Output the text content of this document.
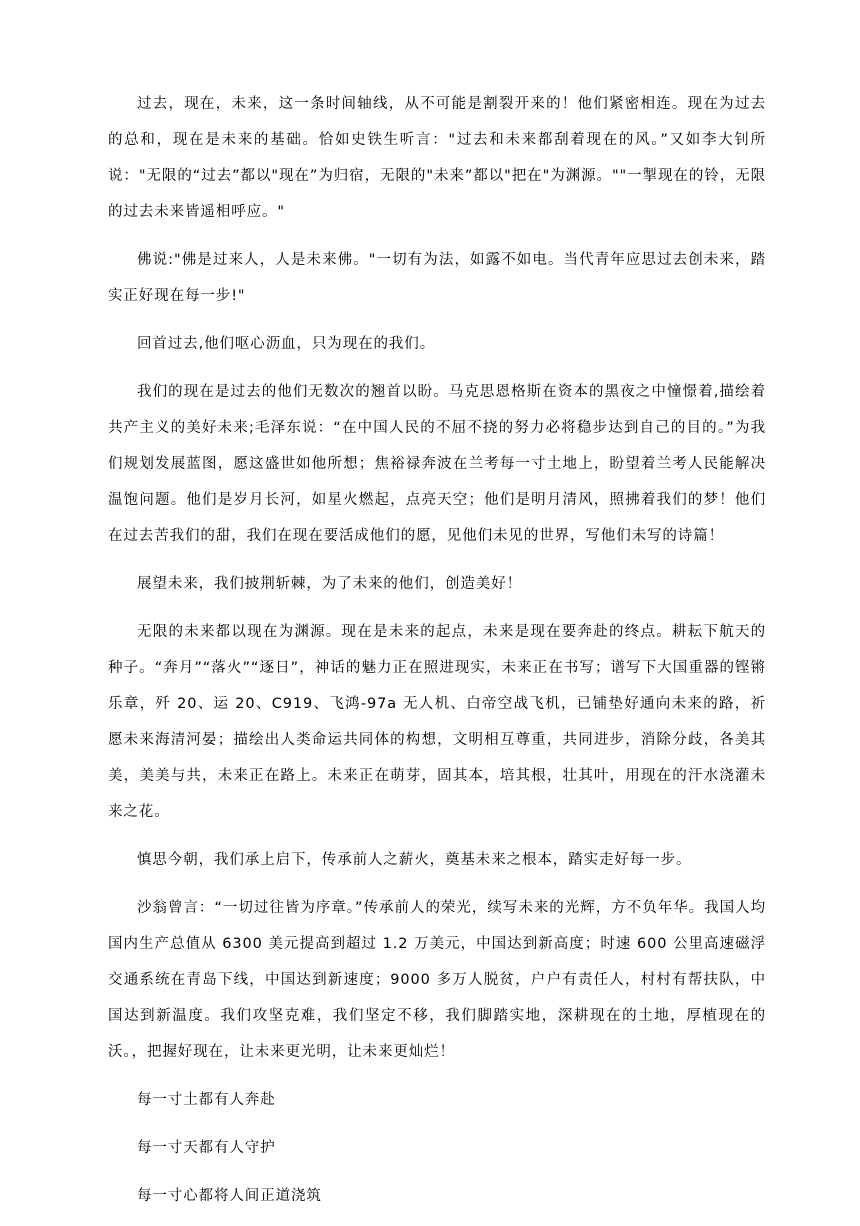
过去，现在，未来，这一条时间轴线，从不可能是割裂开来的！他们紧密相连。现在为过去的总和，现在是未来的基础。恰如史铁生听言："过去和未来都刮着现在的风。”又如李大钊所说："无限的“过去”都以"现在”为归宿，无限的"未来”都以"把在"为渊源。""一掣现在的铃，无限的过去未来皆遥相呼应。"

佛说:"佛是过来人，人是未来佛。"一切有为法，如露不如电。当代青年应思过去创未来，踏实正好现在每一步!"

回首过去,他们呕心沥血，只为现在的我们。

我们的现在是过去的他们无数次的翘首以盼。马克思恩格斯在资本的黑夜之中憧憬着,描绘着共产主义的美好未来;毛泽东说：“在中国人民的不屈不挠的努力必将稳步达到自己的目的。”为我们规划发展蓝图，愿这盛世如他所想；焦裕禄奔波在兰考每一寸土地上，盼望着兰考人民能解决温饱问题。他们是岁月长河，如星火燃起，点亮天空；他们是明月清风，照拂着我们的梦！他们在过去苦我们的甜，我们在现在要活成他们的愿，见他们未见的世界，写他们未写的诗篇！

展望未来，我们披荆斩棘，为了未来的他们，创造美好！

无限的未来都以现在为渊源。现在是未来的起点，未来是现在要奔赴的终点。耕耘下航天的种子。“奔月”“落火”“逐日”，神话的魅力正在照进现实，未来正在书写；谱写下大国重器的铿锵乐章，歼 20、运 20、C919、飞鸿-97a 无人机、白帝空战飞机，已铺垫好通向未来的路，祈愿未来海清河晏；描绘出人类命运共同体的构想，文明相互尊重，共同进步，消除分歧，各美其美，美美与共，未来正在路上。未来正在萌芽，固其本，培其根，壮其叶，用现在的汗水浇灌未来之花。

慎思今朝，我们承上启下，传承前人之薪火，奠基未来之根本，踏实走好每一步。

沙翁曾言：“一切过往皆为序章。”传承前人的荣光，续写未来的光辉，方不负年华。我国人均国内生产总值从 6300 美元提高到超过 1.2 万美元，中国达到新高度；时速 600 公里高速磁浮交通系统在青岛下线，中国达到新速度；9000 多万人脱贫，户户有责任人，村村有帮扶队，中国达到新温度。我们攻坚克难，我们坚定不移，我们脚踏实地，深耕现在的土地，厚植现在的沃。，把握好现在，让未来更光明，让未来更灿烂！

每一寸土都有人奔赴

每一寸天都有人守护

每一寸心都将人间正道浇筑
